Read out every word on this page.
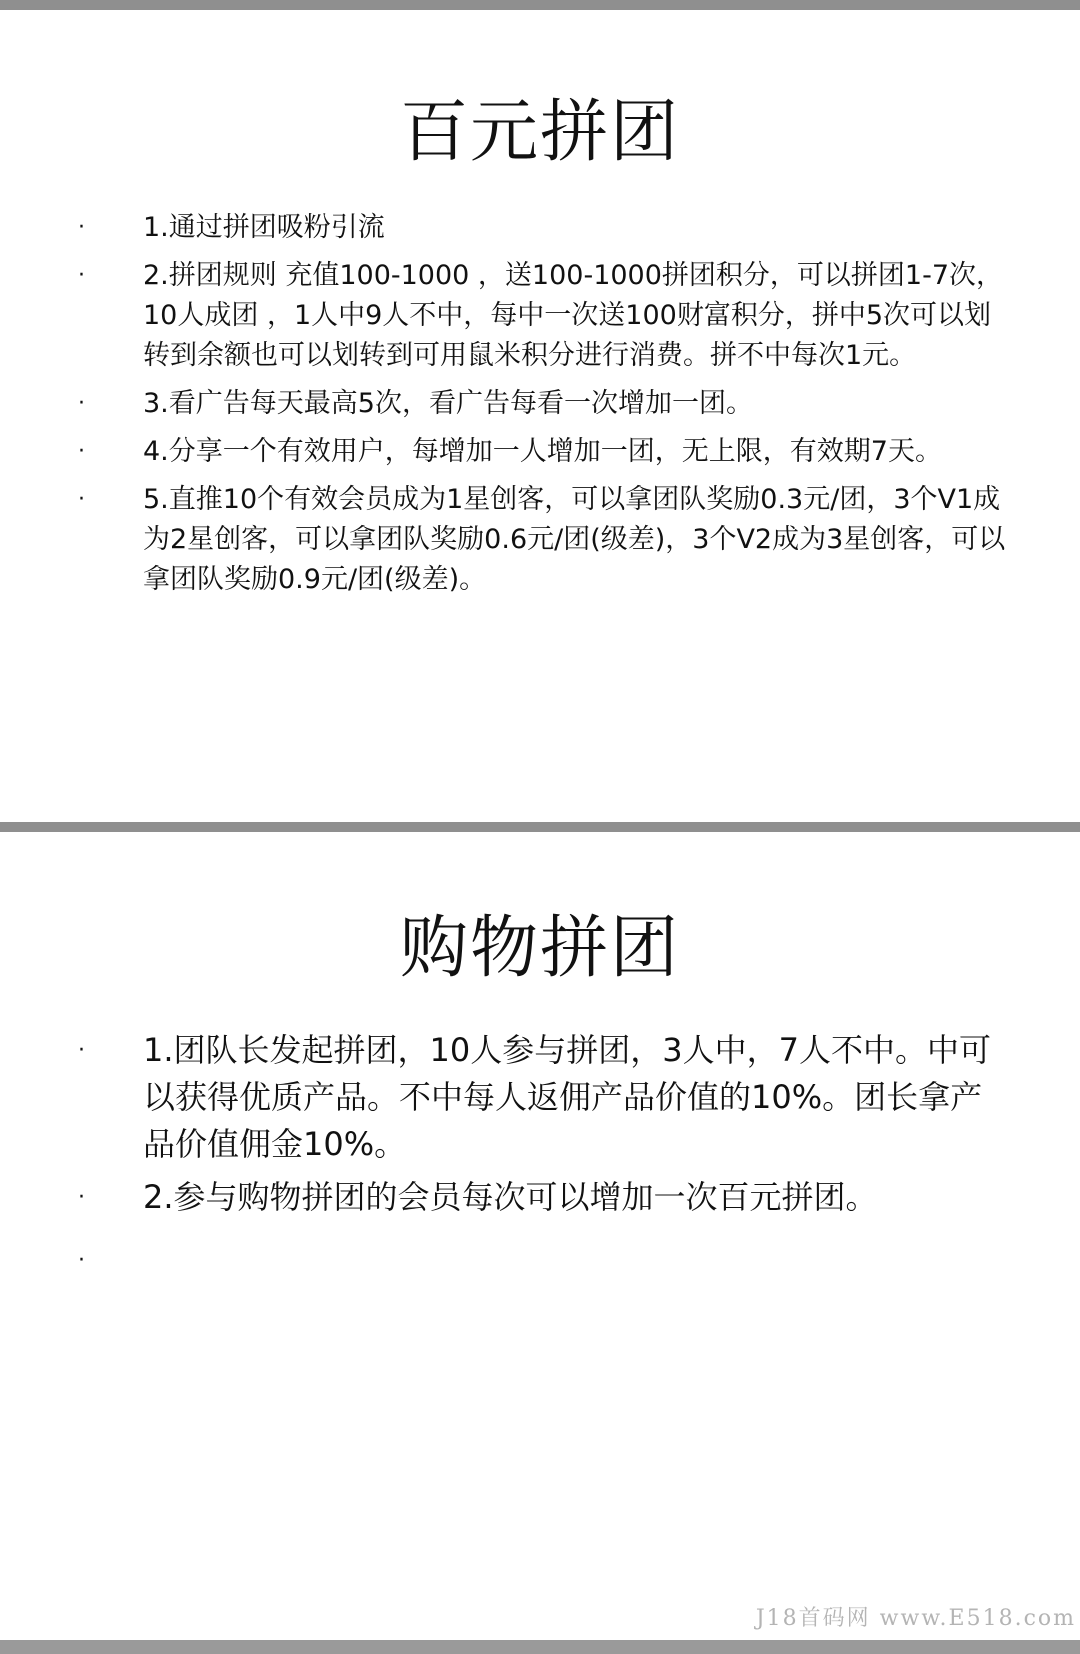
百元拼团
· 1.通过拼团吸粉引流
· 2.拼团规则 充值100-1000 ，送100-1000拼团积分，可以拼团1-7次，10人成团 ，1人中9人不中，每中一次送100财富积分，拼中5次可以划转到余额也可以划转到可用鼠米积分进行消费。拼不中每次1元。
· 3.看广告每天最高5次，看广告每看一次增加一团。
· 4.分享一个有效用户，每增加一人增加一团，无上限，有效期7天。
· 5.直推10个有效会员成为1星创客，可以拿团队奖励0.3元/团，3个V1成为2星创客，可以拿团队奖励0.6元/团(级差)，3个V2成为3星创客，可以拿团队奖励0.9元/团(级差)。
购物拼团
· 1.团队长发起拼团，10人参与拼团，3人中，7人不中。中可以获得优质产品。不中每人返佣产品价值的10%。团长拿产品价值佣金10%。
· 2.参与购物拼团的会员每次可以增加一次百元拼团。
·
J18首码网 www.E518.com
